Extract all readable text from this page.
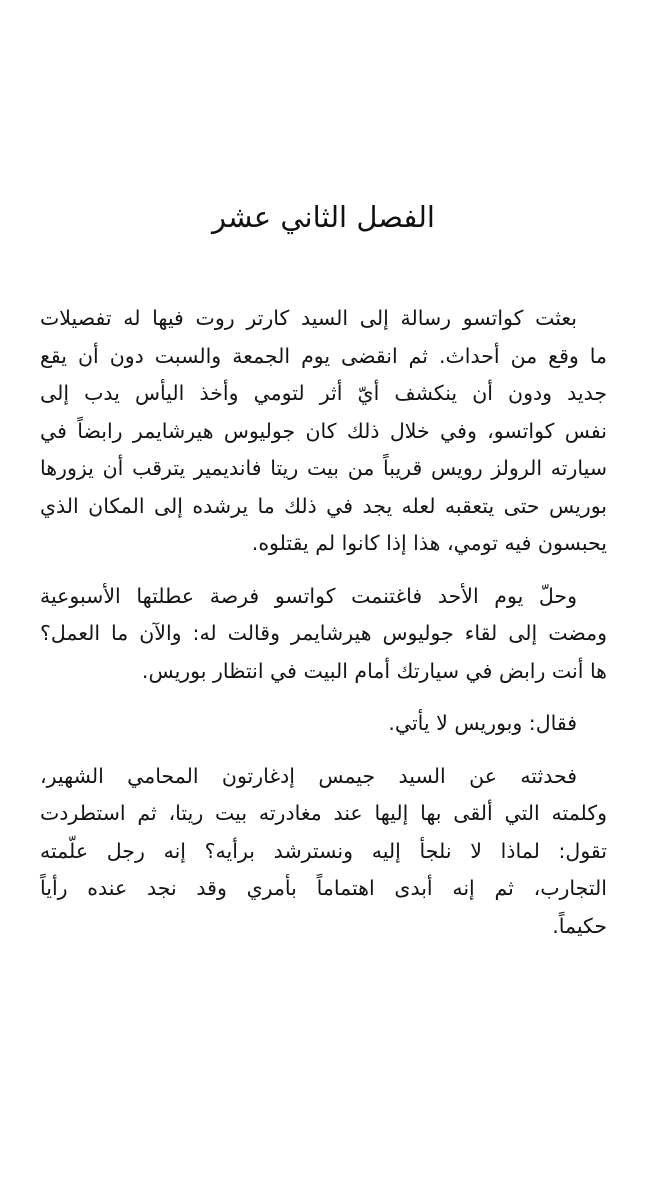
الفصل الثاني عشر

بعثت كواتسو رسالة إلى السيد كارتر روت فيها له تفصيلات
ما وقع من أحداث. ثم انقضى يوم الجمعة والسبت دون أن يقع
جديد ودون أن ينكشف أيّ أثر لتومي وأخذ اليأس يدب إلى
نفس كواتسو، وفي خلال ذلك كان جوليوس هيرشايمر رابضاً في
سيارته الرولز رويس قريباً من بيت ريتا فانديمير يترقب أن يزورها
بوريس حتى يتعقبه لعله يجد في ذلك ما يرشده إلى المكان الذي
يحبسون فيه تومي، هذا إذا كانوا لم يقتلوه.

وحلّ يوم الأحد فاغتنمت كواتسو فرصة عطلتها الأسبوعية
ومضت إلى لقاء جوليوس هيرشايمر وقالت له: والآن ما العمل؟
ها أنت رابض في سيارتك أمام البيت في انتظار بوريس.

فقال: وبوريس لا يأتي.

فحدثته عن السيد جيمس إدغارتون المحامي الشهير،
وكلمته التي ألقى بها إليها عند مغادرته بيت ريتا، ثم استطردت
تقول: لماذا لا نلجأ إليه ونسترشد برأيه؟ إنه رجل علّمته
التجارب، ثم إنه أبدى اهتماماً بأمري وقد نجد عنده رأياً
حكيماً.
